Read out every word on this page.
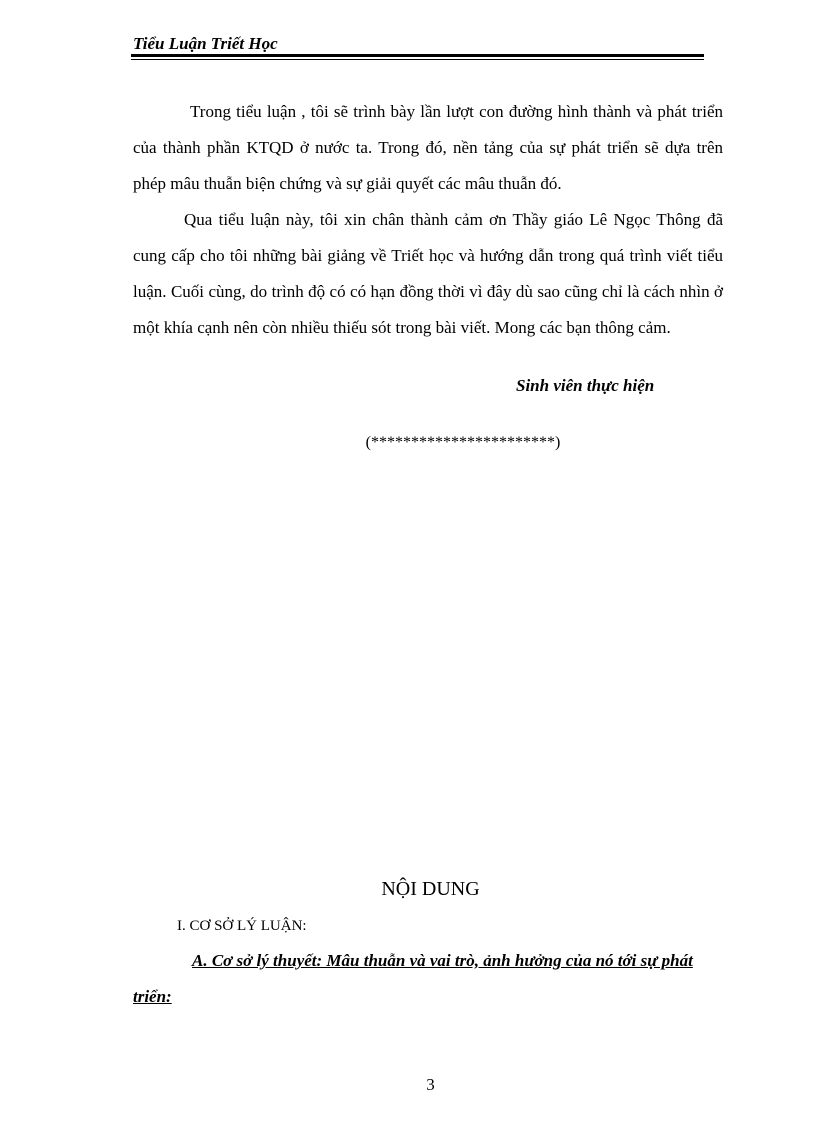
Tiểu Luận Triết Học

Trong tiểu luận , tôi sẽ trình bày lần lượt con đường hình thành và phát triển của thành phần KTQD ở nước ta. Trong đó, nền tảng của sự phát triển sẽ dựa trên phép mâu thuẫn biện chứng và sự giải quyết các mâu thuẫn đó.

Qua tiểu luận này, tôi xin chân thành cảm ơn Thầy giáo Lê Ngọc Thông đã cung cấp cho tôi những bài giảng về Triết học và hướng dẫn trong quá trình viết tiểu luận. Cuối cùng, do trình độ có có hạn đồng thời vì đây dù sao cũng chỉ là cách nhìn ở một khía cạnh nên còn nhiều thiếu sót trong bài viết. Mong các bạn thông cảm.

Sinh viên thực hiện
(***********************)
NỘI DUNG
I. CƠ SỞ LÝ LUẬN:

A. Cơ sở lý thuyết: Mâu thuẫn và vai trò, ảnh hưởng của nó tới sự phát triển:

3
